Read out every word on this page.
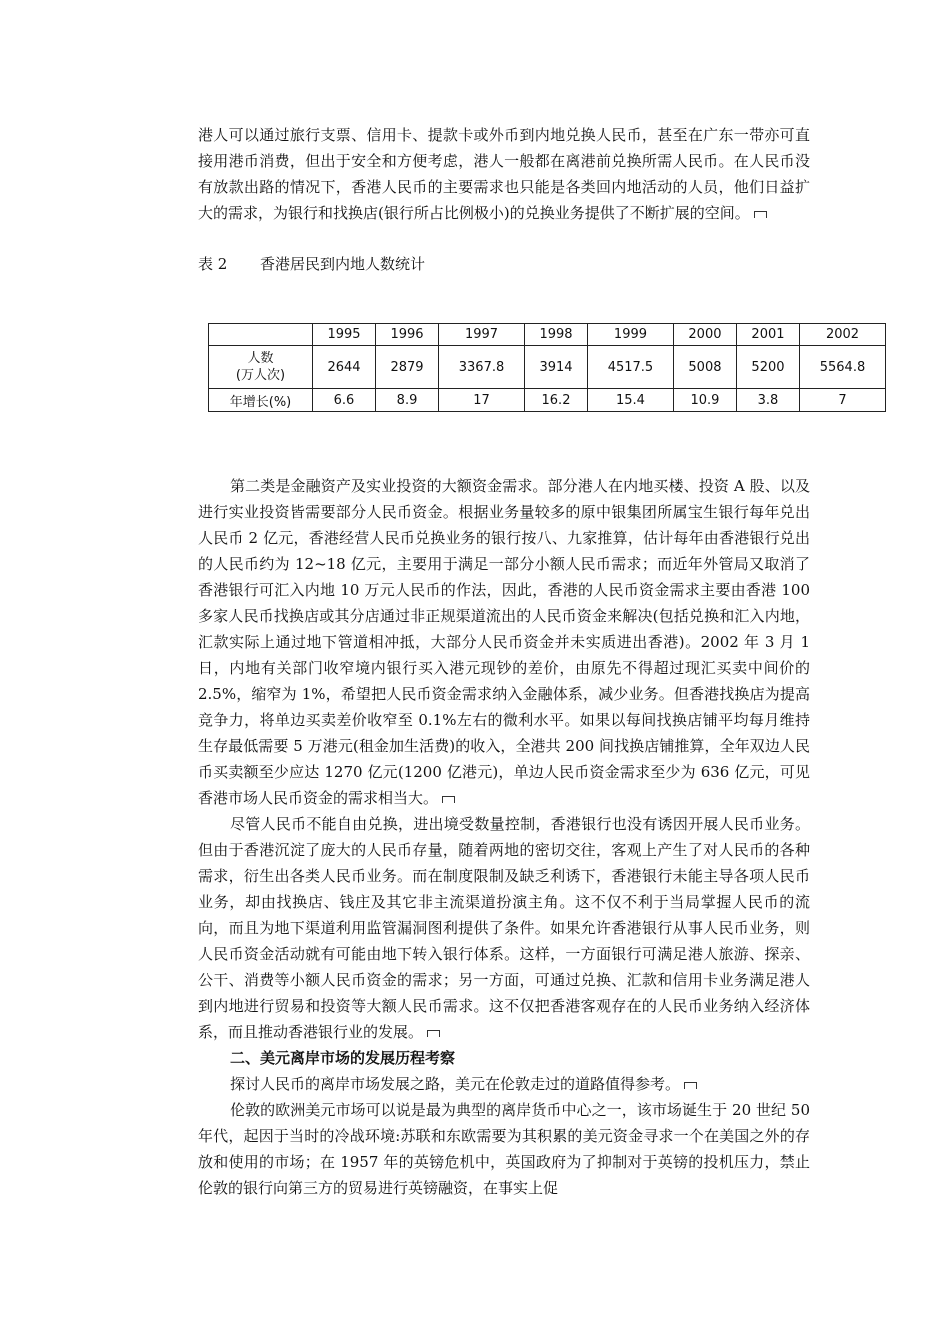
港人可以通过旅行支票、信用卡、提款卡或外币到内地兑换人民币，甚至在广东一带亦可直接用港币消费，但出于安全和方便考虑，港人一般都在离港前兑换所需人民币。在人民币没有放款出路的情况下，香港人民币的主要需求也只能是各类回内地活动的人员，他们日益扩大的需求，为银行和找换店(银行所占比例极小)的兑换业务提供了不断扩展的空间。

表 2 香港居民到内地人数统计

	1995	1996	1997	1998	1999	2000	2001	2002
人数
(万人次)	2644	2879	3367.8	3914	4517.5	5008	5200	5564.8
年增长(%)	6.6	8.9	17	16.2	15.4	10.9	3.8	7

第二类是金融资产及实业投资的大额资金需求。部分港人在内地买楼、投资 A 股、以及进行实业投资皆需要部分人民币资金。根据业务量较多的原中银集团所属宝生银行每年兑出人民币 2 亿元，香港经营人民币兑换业务的银行按八、九家推算，估计每年由香港银行兑出的人民币约为 12~18 亿元，主要用于满足一部分小额人民币需求；而近年外管局又取消了香港银行可汇入内地 10 万元人民币的作法，因此，香港的人民币资金需求主要由香港 100 多家人民币找换店或其分店通过非正规渠道流出的人民币资金来解决(包括兑换和汇入内地，汇款实际上通过地下管道相冲抵，大部分人民币资金并未实质进出香港)。2002 年 3 月 1 日，内地有关部门收窄境内银行买入港元现钞的差价，由原先不得超过现汇买卖中间价的 2.5%，缩窄为 1%，希望把人民币资金需求纳入金融体系，减少业务。但香港找换店为提高竞争力，将单边买卖差价收窄至 0.1%左右的微利水平。如果以每间找换店铺平均每月维持生存最低需要 5 万港元(租金加生活费)的收入，全港共 200 间找换店铺推算，全年双边人民币买卖额至少应达 1270 亿元(1200 亿港元)，单边人民币资金需求至少为 636 亿元，可见香港市场人民币资金的需求相当大。

尽管人民币不能自由兑换，进出境受数量控制，香港银行也没有诱因开展人民币业务。但由于香港沉淀了庞大的人民币存量，随着两地的密切交往，客观上产生了对人民币的各种需求，衍生出各类人民币业务。而在制度限制及缺乏利诱下，香港银行未能主导各项人民币业务，却由找换店、钱庄及其它非主流渠道扮演主角。这不仅不利于当局掌握人民币的流向，而且为地下渠道利用监管漏洞图利提供了条件。如果允许香港银行从事人民币业务，则人民币资金活动就有可能由地下转入银行体系。这样，一方面银行可满足港人旅游、探亲、公干、消费等小额人民币资金的需求；另一方面，可通过兑换、汇款和信用卡业务满足港人到内地进行贸易和投资等大额人民币需求。这不仅把香港客观存在的人民币业务纳入经济体系，而且推动香港银行业的发展。

二、美元离岸市场的发展历程考察

探讨人民币的离岸市场发展之路，美元在伦敦走过的道路值得参考。

伦敦的欧洲美元市场可以说是最为典型的离岸货币中心之一，该市场诞生于 20 世纪 50 年代，起因于当时的冷战环境:苏联和东欧需要为其积累的美元资金寻求一个在美国之外的存放和使用的市场；在 1957 年的英镑危机中，英国政府为了抑制对于英镑的投机压力，禁止伦敦的银行向第三方的贸易进行英镑融资，在事实上促
